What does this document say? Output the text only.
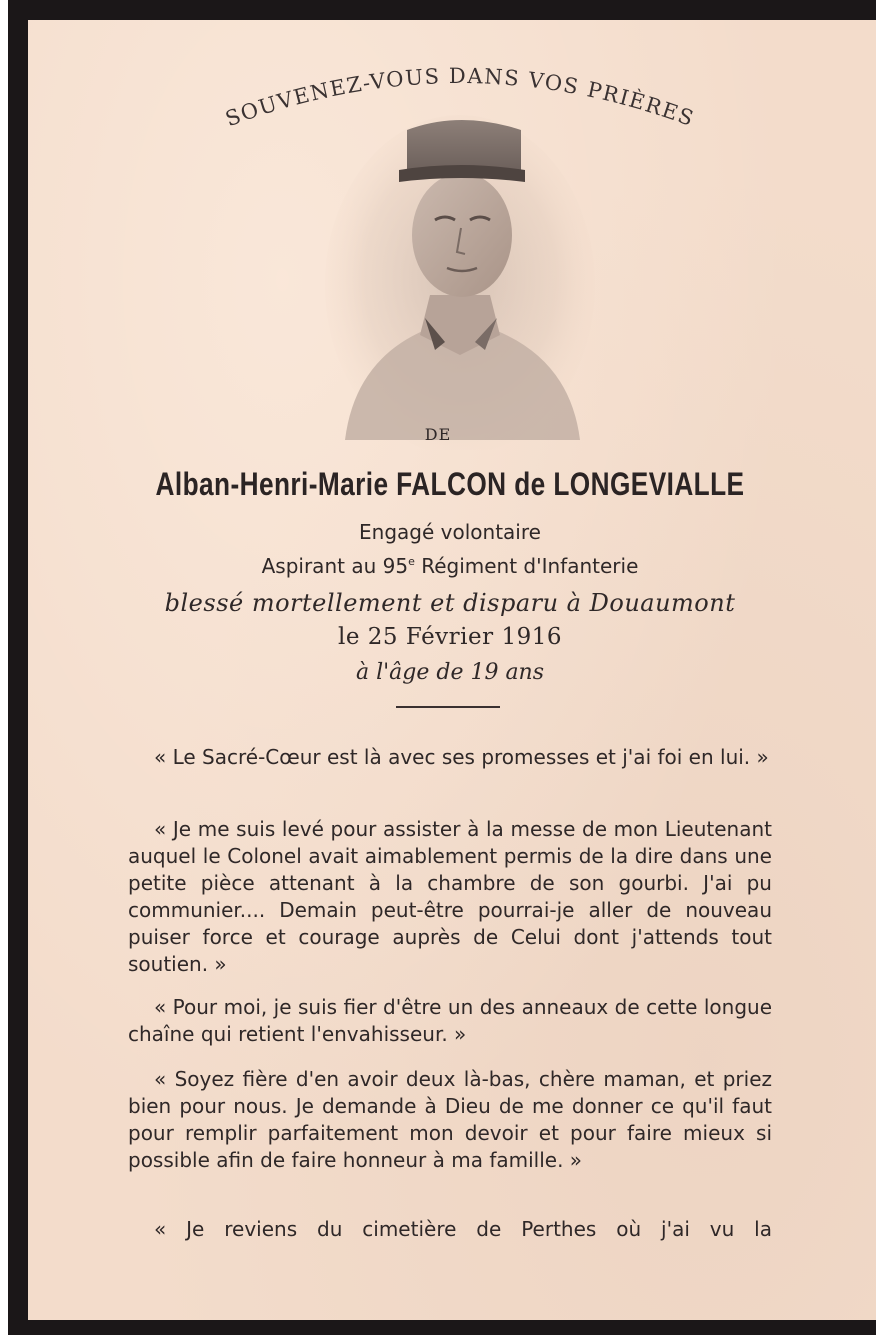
SOUVENEZ-VOUS DANS VOS PRIÈRES
DE
Alban-Henri-Marie FALCON de LONGEVIALLE
Engagé volontaire
Aspirant au 95e Régiment d'Infanterie
blessé mortellement et disparu à Douaumont
le 25 Février 1916
à l'âge de 19 ans

« Le Sacré-Cœur est là avec ses promesses et j'ai foi en lui. »

« Je me suis levé pour assister à la messe de mon Lieutenant auquel le Colonel avait aimablement permis de la dire dans une petite pièce attenant à la chambre de son gourbi. J'ai pu communier.... Demain peut-être pourrai-je aller de nouveau puiser force et courage auprès de Celui dont j'attends tout soutien. »

« Pour moi, je suis fier d'être un des anneaux de cette longue chaîne qui retient l'envahisseur. »

« Soyez fière d'en avoir deux là-bas, chère maman, et priez bien pour nous. Je demande à Dieu de me donner ce qu'il faut pour remplir parfaitement mon devoir et pour faire mieux si possible afin de faire honneur à ma famille. »

« Je reviens du cimetière de Perthes où j'ai vu la
